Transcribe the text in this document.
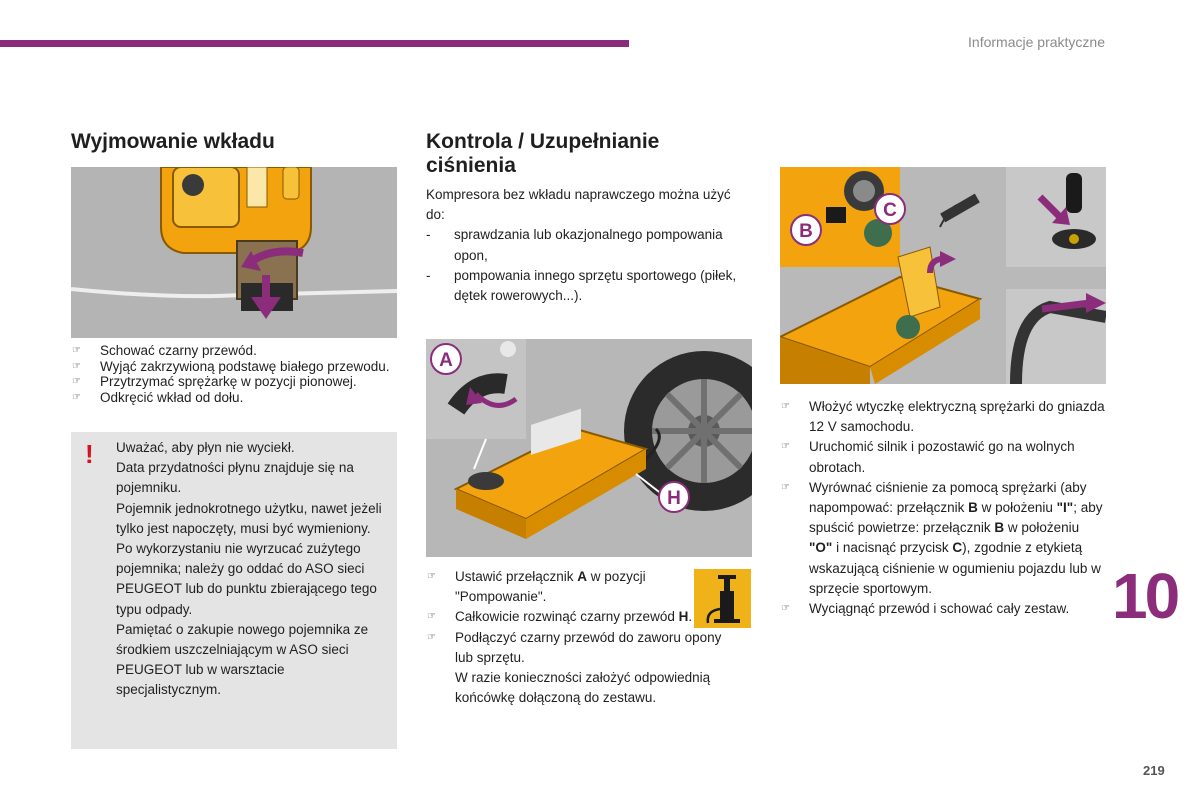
Informacje praktyczne
Wyjmowanie wkładu
☞ Schować czarny przewód.
☞ Wyjąć zakrzywioną podstawę białego przewodu.
☞ Przytrzymać sprężarkę w pozycji pionowej.
☞ Odkręcić wkład od dołu.
! Uważać, aby płyn nie wyciekł.
Data przydatności płynu znajduje się na pojemniku.
Pojemnik jednokrotnego użytku, nawet jeżeli tylko jest napoczęty, musi być wymieniony.
Po wykorzystaniu nie wyrzucać zużytego pojemnika; należy go oddać do ASO sieci PEUGEOT lub do punktu zbierającego tego typu odpady.
Pamiętać o zakupie nowego pojemnika ze środkiem uszczelniającym w ASO sieci PEUGEOT lub w warsztacie specjalistycznym.

Kontrola / Uzupełnianie ciśnienia
Kompresora bez wkładu naprawczego można użyć do:
-	sprawdzania lub okazjonalnego pompowania opon,
-	pompowania innego sprzętu sportowego (piłek, dętek rowerowych...).
A
H
☞ Ustawić przełącznik A w pozycji "Pompowanie".
☞ Całkowicie rozwinąć czarny przewód H.
☞ Podłączyć czarny przewód do zaworu opony lub sprzętu.
W razie konieczności założyć odpowiednią końcówkę dołączoną do zestawu.
B
C
☞ Włożyć wtyczkę elektryczną sprężarki do gniazda 12 V samochodu.
☞ Uruchomić silnik i pozostawić go na wolnych obrotach.
☞ Wyrównać ciśnienie za pomocą sprężarki (aby napompować: przełącznik B w położeniu "I"; aby spuścić powietrze: przełącznik B w położeniu "O" i nacisnąć przycisk C), zgodnie z etykietą wskazującą ciśnienie w ogumieniu pojazdu lub w sprzęcie sportowym.
☞ Wyciągnąć przewód i schować cały zestaw. 10
219
